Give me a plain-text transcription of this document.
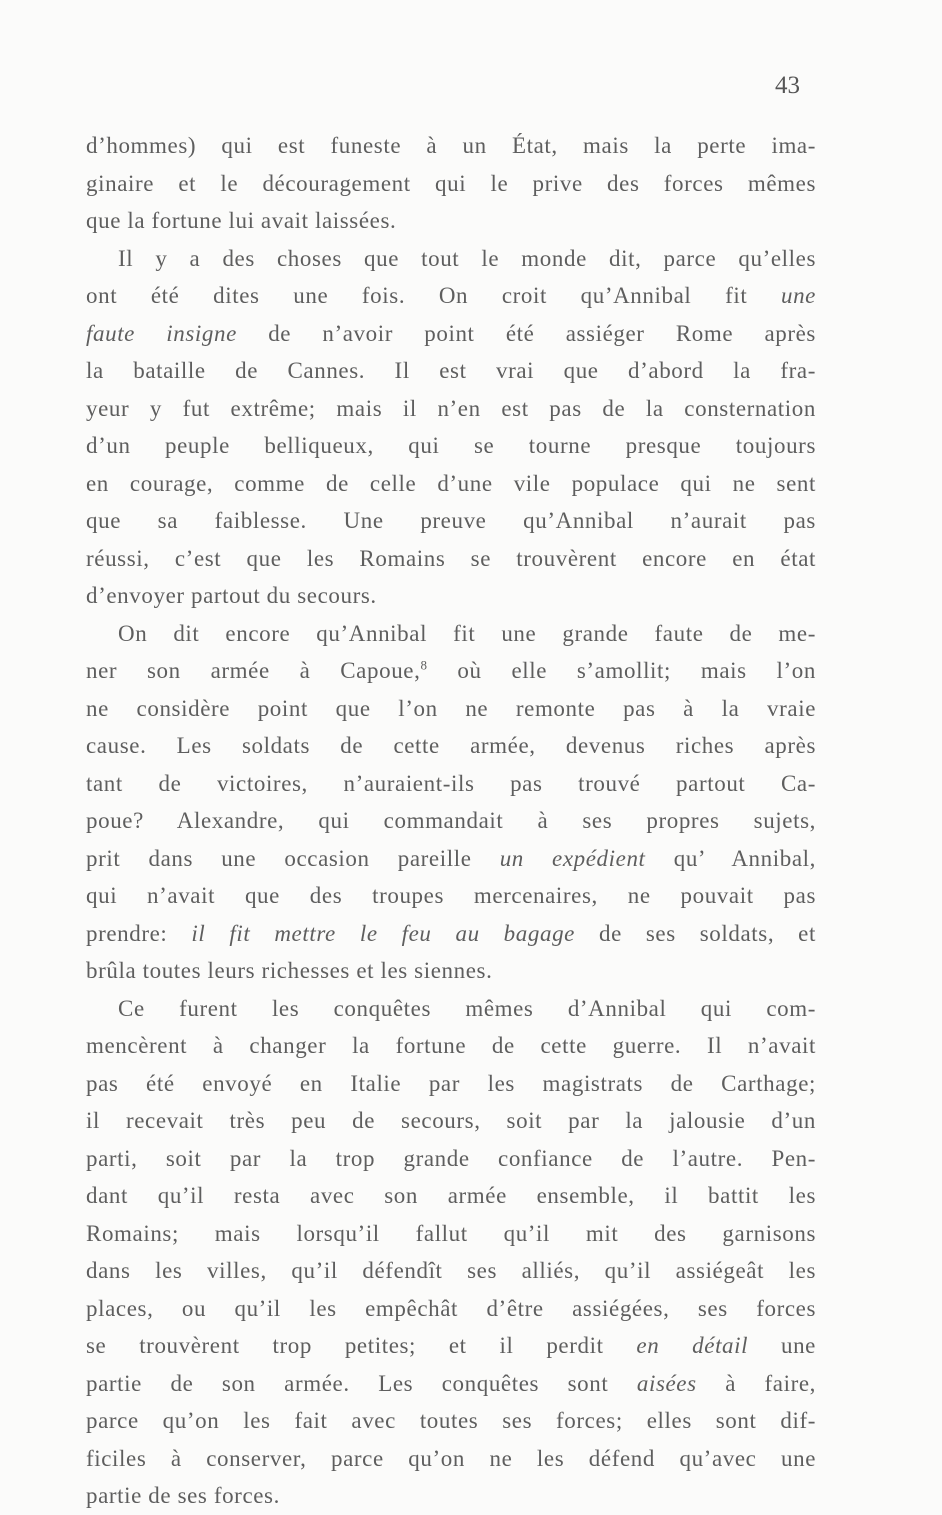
43
d’hommes) qui est funeste à un État, mais la perte ima-
ginaire et le découragement qui le prive des forces mêmes
que la fortune lui avait laissées.
Il y a des choses que tout le monde dit, parce qu’elles
ont été dites une fois. On croit qu’Annibal fit une
faute insigne de n’avoir point été assiéger Rome après
la bataille de Cannes. Il est vrai que d’abord la fra-
yeur y fut extrême; mais il n’en est pas de la consternation
d’un peuple belliqueux, qui se tourne presque toujours
en courage, comme de celle d’une vile populace qui ne sent
que sa faiblesse. Une preuve qu’Annibal n’aurait pas
réussi, c’est que les Romains se trouvèrent encore en état
d’envoyer partout du secours.
On dit encore qu’Annibal fit une grande faute de me-
ner son armée à Capoue,$^8$ où elle s’amollit; mais l’on
ne considère point que l’on ne remonte pas à la vraie
cause. Les soldats de cette armée, devenus riches après
tant de victoires, n’auraient-ils pas trouvé partout Ca-
poue? Alexandre, qui commandait à ses propres sujets,
prit dans une occasion pareille un expédient qu’ Annibal,
qui n’avait que des troupes mercenaires, ne pouvait pas
prendre: il fit mettre le feu au bagage de ses soldats, et
brûla toutes leurs richesses et les siennes.
Ce furent les conquêtes mêmes d’Annibal qui com-
mencèrent à changer la fortune de cette guerre. Il n’avait
pas été envoyé en Italie par les magistrats de Carthage;
il recevait très peu de secours, soit par la jalousie d’un
parti, soit par la trop grande confiance de l’autre. Pen-
dant qu’il resta avec son armée ensemble, il battit les
Romains; mais lorsqu’il fallut qu’il mit des garnisons
dans les villes, qu’il défendît ses alliés, qu’il assiégeât les
places, ou qu’il les empêchât d’être assiégées, ses forces
se trouvèrent trop petites; et il perdit en détail une
partie de son armée. Les conquêtes sont aisées à faire,
parce qu’on les fait avec toutes ses forces; elles sont dif-
ficiles à conserver, parce qu’on ne les défend qu’avec une
partie de ses forces.
